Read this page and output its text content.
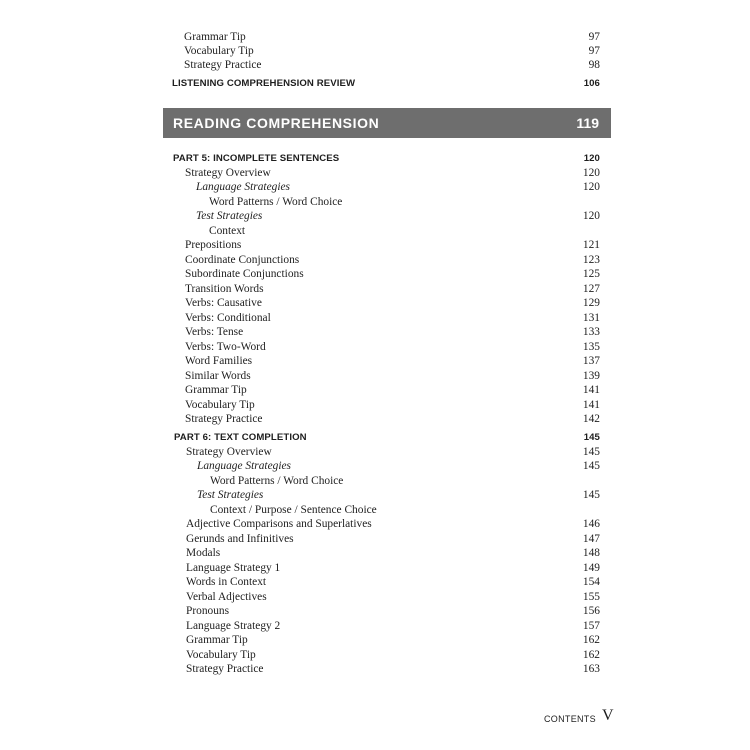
Grammar Tip	97
Vocabulary Tip	97
Strategy Practice	98
LISTENING COMPREHENSION REVIEW	106
READING COMPREHENSION	119
PART 5: INCOMPLETE SENTENCES	120
Strategy Overview	120
Language Strategies	120
Word Patterns / Word Choice
Test Strategies	120
Context
Prepositions	121
Coordinate Conjunctions	123
Subordinate Conjunctions	125
Transition Words	127
Verbs: Causative	129
Verbs: Conditional	131
Verbs: Tense	133
Verbs: Two-Word	135
Word Families	137
Similar Words	139
Grammar Tip	141
Vocabulary Tip	141
Strategy Practice	142
PART 6: TEXT COMPLETION	145
Strategy Overview	145
Language Strategies	145
Word Patterns / Word Choice
Test Strategies	145
Context / Purpose / Sentence Choice
Adjective Comparisons and Superlatives	146
Gerunds and Infinitives	147
Modals	148
Language Strategy 1	149
Words in Context	154
Verbal Adjectives	155
Pronouns	156
Language Strategy 2	157
Grammar Tip	162
Vocabulary Tip	162
Strategy Practice	163
CONTENTS V
